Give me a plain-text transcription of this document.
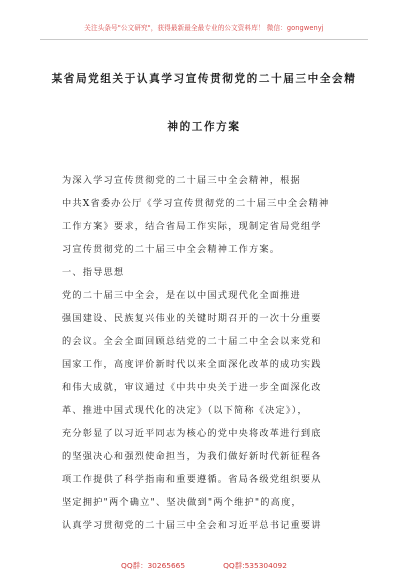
关注头条号"公文研究"，获得最新最全最专业的公文资料库！ 微信：gongwenyj
某省局党组关于认真学习宣传贯彻党的二十届三中全会精
神的工作方案
为深入学习宣传贯彻党的二十届三中全会精神，根据
中共X省委办公厅《学习宣传贯彻党的二十届三中全会精神
工作方案》要求，结合省局工作实际，现制定省局党组学
习宣传贯彻党的二十届三中全会精神工作方案。
一、指导思想
党的二十届三中全会，是在以中国式现代化全面推进
强国建设、民族复兴伟业的关键时期召开的一次十分重要
的会议。全会全面回顾总结党的二十届二中全会以来党和
国家工作，高度评价新时代以来全面深化改革的成功实践
和伟大成就，审议通过《中共中央关于进一步全面深化改
革、推进中国式现代化的决定》（以下简称《决定》），
充分彰显了以习近平同志为核心的党中央将改革进行到底
的坚强决心和强烈使命担当，为我们做好新时代新征程各
项工作提供了科学指南和重要遵循。省局各级党组织要从
坚定拥护"两个确立"、坚决做到"两个维护"的高度，
认真学习贯彻党的二十届三中全会和习近平总书记重要讲
QQ群：30265665	QQ群:535304092
